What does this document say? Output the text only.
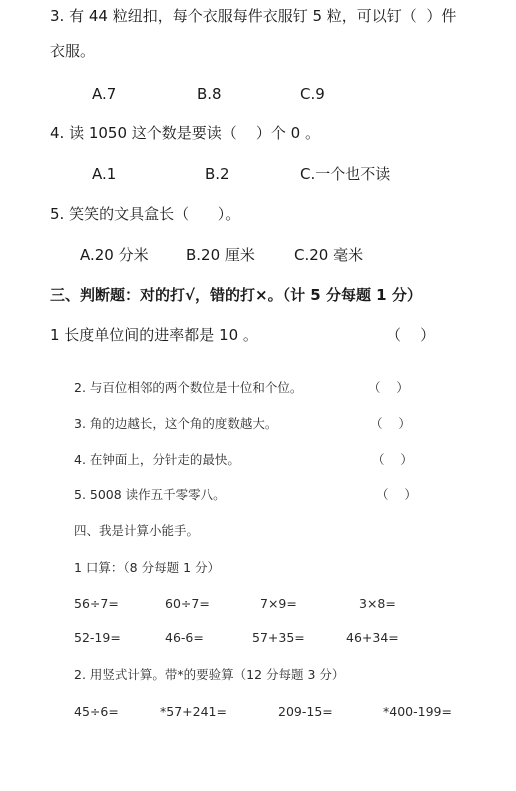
3. 有 44 粒纽扣，每个衣服每件衣服钉 5 粒，可以钉（  ）件
衣服。
A.7	B.8	C.9
4. 读 1050 这个数是要读（    ）个 0 。
A.1	B.2	C.一个也不读
5. 笑笑的文具盒长（      ）。
A.20 分米 B.20 厘米	C.20 毫米
三、判断题：对的打√，错的打×。（计 5 分每题 1 分）
1 长度单位间的进率都是 10 。	（    ）
2. 与百位相邻的两个数位是十位和个位。	（    ）
3. 角的边越长，这个角的度数越大。	（    ）
4. 在钟面上，分针走的最快。	（    ）
5. 5008 读作五千零零八。	（    ）
四、我是计算小能手。
1 口算：（8 分每题 1 分）
56÷7=	60÷7=	7×9=	3×8=
52-19=	46-6=	57+35=	46+34=
2. 用竖式计算。带*的要验算（12 分每题 3 分）
45÷6=	*57+241=	209-15=	*400-199=
